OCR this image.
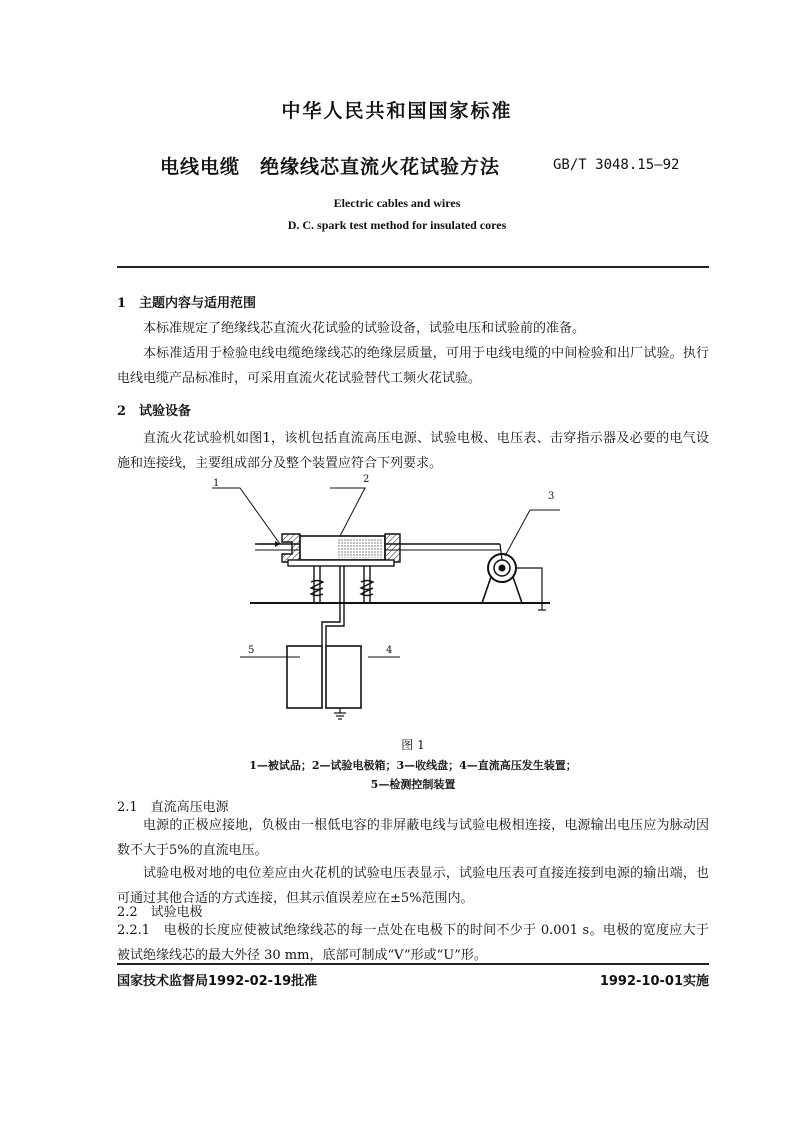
中华人民共和国国家标准
电线电缆　绝缘线芯直流火花试验方法	GB/T 3048.15—92
Electric cables and wires
D. C. spark test method for insulated cores
1　主题内容与适用范围
本标准规定了绝缘线芯直流火花试验的试验设备，试验电压和试验前的准备。
本标准适用于检验电线电缆绝缘线芯的绝缘层质量，可用于电线电缆的中间检验和出厂试验。执行电线电缆产品标准时，可采用直流火花试验替代工频火花试验。
2　试验设备
直流火花试验机如图1，该机包括直流高压电源、试验电极、电压表、击穿指示器及必要的电气设施和连接线，主要组成部分及整个装置应符合下列要求。
1	2
3
5	4
图 1
1—被试品；2—试验电极箱；3—收线盘；4—直流高压发生装置；
5—检测控制装置
2.1　直流高压电源
电源的正极应接地，负极由一根低电容的非屏蔽电线与试验电极相连接，电源输出电压应为脉动因数不大于5%的直流电压。
试验电极对地的电位差应由火花机的试验电压表显示，试验电压表可直接连接到电源的输出端，也可通过其他合适的方式连接，但其示值误差应在±5%范围内。
2.2　试验电极
2.2.1　电极的长度应使被试绝缘线芯的每一点处在电极下的时间不少于 0.001 s。电极的宽度应大于被试绝缘线芯的最大外径 30 mm，底部可制成“V”形或“U”形。
国家技术监督局1992-02-19批准	1992-10-01实施
